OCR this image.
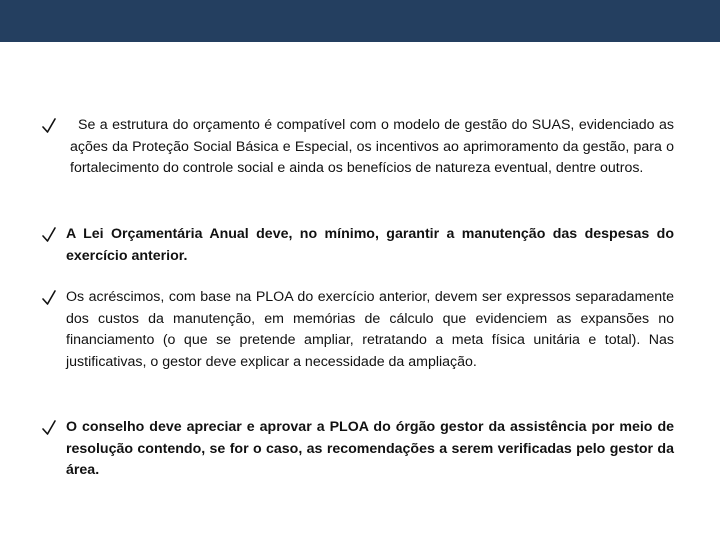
Se a estrutura do orçamento é compatível com o modelo de gestão do SUAS, evidenciado as ações da Proteção Social Básica e Especial, os incentivos ao aprimoramento da gestão, para o fortalecimento do controle social e ainda os benefícios de natureza eventual, dentre outros.
A Lei Orçamentária Anual deve, no mínimo, garantir a manutenção das despesas do exercício anterior.
Os acréscimos, com base na PLOA do exercício anterior, devem ser expressos separadamente dos custos da manutenção, em memórias de cálculo que evidenciem as expansões no financiamento (o que se pretende ampliar, retratando a meta física unitária e total). Nas justificativas, o gestor deve explicar a necessidade da ampliação.
O conselho deve apreciar e aprovar a PLOA do órgão gestor da assistência por meio de resolução contendo, se for o caso, as recomendações a serem verificadas pelo gestor da área.
